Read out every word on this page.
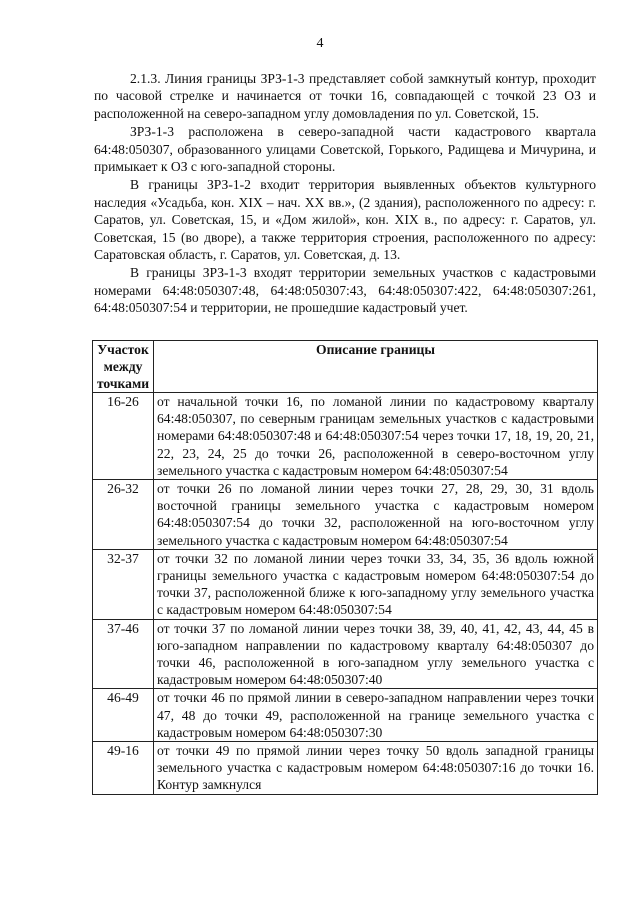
4

2.1.3. Линия границы ЗРЗ-1-3 представляет собой замкнутый контур, проходит по часовой стрелке и начинается от точки 16, совпадающей с точкой 23 ОЗ и расположенной на северо-западном углу домовладения по ул. Советской, 15.

ЗРЗ-1-3 расположена в северо-западной части кадастрового квартала 64:48:050307, образованного улицами Советской, Горького, Радищева и Мичурина, и примыкает к ОЗ с юго-западной стороны.

В границы ЗРЗ-1-2 входит территория выявленных объектов культурного наследия «Усадьба, кон. XIX – нач. XX вв.», (2 здания), расположенного по адресу: г. Саратов, ул. Советская, 15, и «Дом жилой», кон. XIX в., по адресу: г. Саратов, ул. Советская, 15 (во дворе), а также территория строения, расположенного по адресу: Саратовская область, г. Саратов, ул. Советская, д. 13.

В границы ЗРЗ-1-3 входят территории земельных участков с кадастровыми номерами 64:48:050307:48, 64:48:050307:43, 64:48:050307:422, 64:48:050307:261, 64:48:050307:54 и территории, не прошедшие кадастровый учет.

Участок между точками	Описание границы
16-26	от начальной точки 16, по ломаной линии по кадастровому кварталу 64:48:050307, по северным границам земельных участков с кадастровыми номерами 64:48:050307:48 и 64:48:050307:54 через точки 17, 18, 19, 20, 21, 22, 23, 24, 25 до точки 26, расположенной в северо-восточном углу земельного участка с кадастровым номером 64:48:050307:54
26-32	от точки 26 по ломаной линии через точки 27, 28, 29, 30, 31 вдоль восточной границы земельного участка с кадастровым номером 64:48:050307:54 до точки 32, расположенной на юго-восточном углу земельного участка с кадастровым номером 64:48:050307:54
32-37	от точки 32 по ломаной линии через точки 33, 34, 35, 36 вдоль южной границы земельного участка с кадастровым номером 64:48:050307:54 до точки 37, расположенной ближе к юго-западному углу земельного участка с кадастровым номером 64:48:050307:54
37-46	от точки 37 по ломаной линии через точки 38, 39, 40, 41, 42, 43, 44, 45 в юго-западном направлении по кадастровому кварталу 64:48:050307 до точки 46, расположенной в юго-западном углу земельного участка с кадастровым номером 64:48:050307:40
46-49	от точки 46 по прямой линии в северо-западном направлении через точки 47, 48 до точки 49, расположенной на границе земельного участка с кадастровым номером 64:48:050307:30
49-16	от точки 49 по прямой линии через точку 50 вдоль западной границы земельного участка с кадастровым номером 64:48:050307:16 до точки 16. Контур замкнулся
